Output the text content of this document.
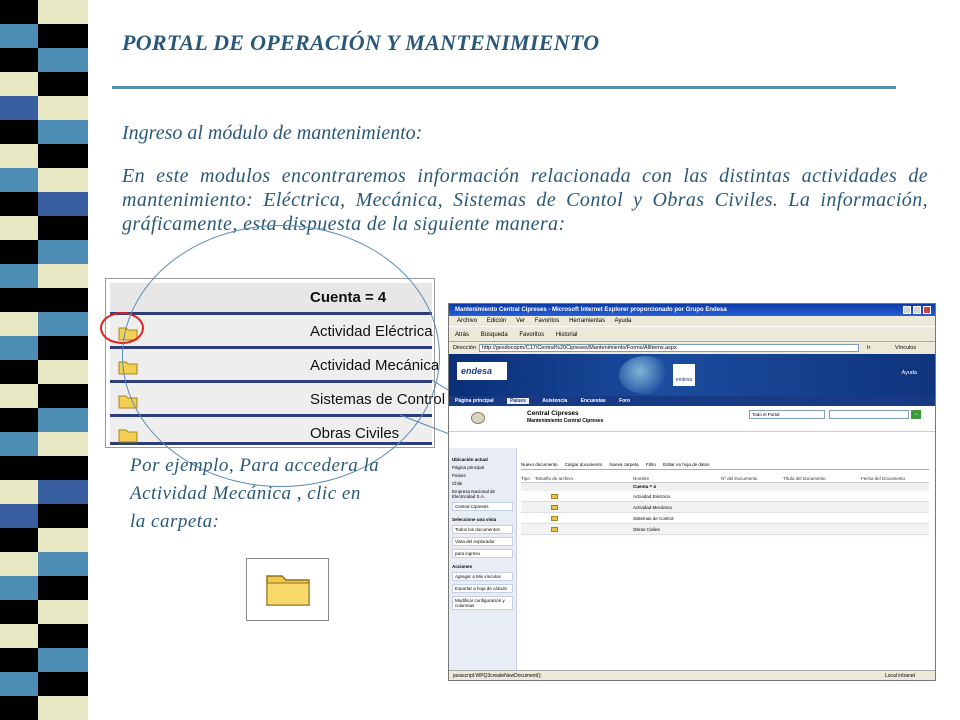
PORTAL DE OPERACIÓN Y MANTENIMIENTO
Ingreso al módulo de mantenimiento:
En este modulos encontraremos información relacionada con las distintas actividades de mantenimiento: Eléctrica, Mecánica, Sistemas de Contol y Obras Civiles. La información, gráficamente, esta dispuesta de la siguiente manera:
Cuenta = 4
Actividad Eléctrica
Actividad Mecánica
Sistemas de Control
Obras Civiles
Por ejemplo, Para accedera la Actividad Mecánica , clic en la carpeta:
Mantenimiento Central Cipreses - Microsoft Internet Explorer proporcionado por Grupo Endesa
Archivo Edición Ver Favoritos Herramientas Ayuda
Atrás Búsqueda Favoritos Historial
Dirección	http://gesdocopm/C17/Central%20Cipreses/Mantenimiento/Forms/AllItems.aspx	Ir	Vínculos
endesa
endesa
Ayuda
Página principal	Países	Asistencia	Encuestas	Foro
Central Cipreses
Mantenimiento Central Cipreses
Todo el Portal	→
Ubicación actual
Página principal
Países
Chile
Empresa Nacional de Electricidad S.A.
Central Cipreses
Seleccione una vista
Todos los documentos
Vista del explorador
para ingreso
Acciones
Agregar a Mis vínculos
Exportar a hoja de cálculo
Modificar configuración y columnas
Nuevo documento Cargar documento Nueva carpeta Filtro Editar en hoja de datos
Tipo Tamaño de archivo	Nombre	Nº del Documento	Título del Documento	Fecha del Documento
Cuenta = 4
Actividad Eléctrica
Actividad Mecánica
Sistemas de Control
Obras Civiles
javascript:WPQ3createNewDocument();	Local intranet
